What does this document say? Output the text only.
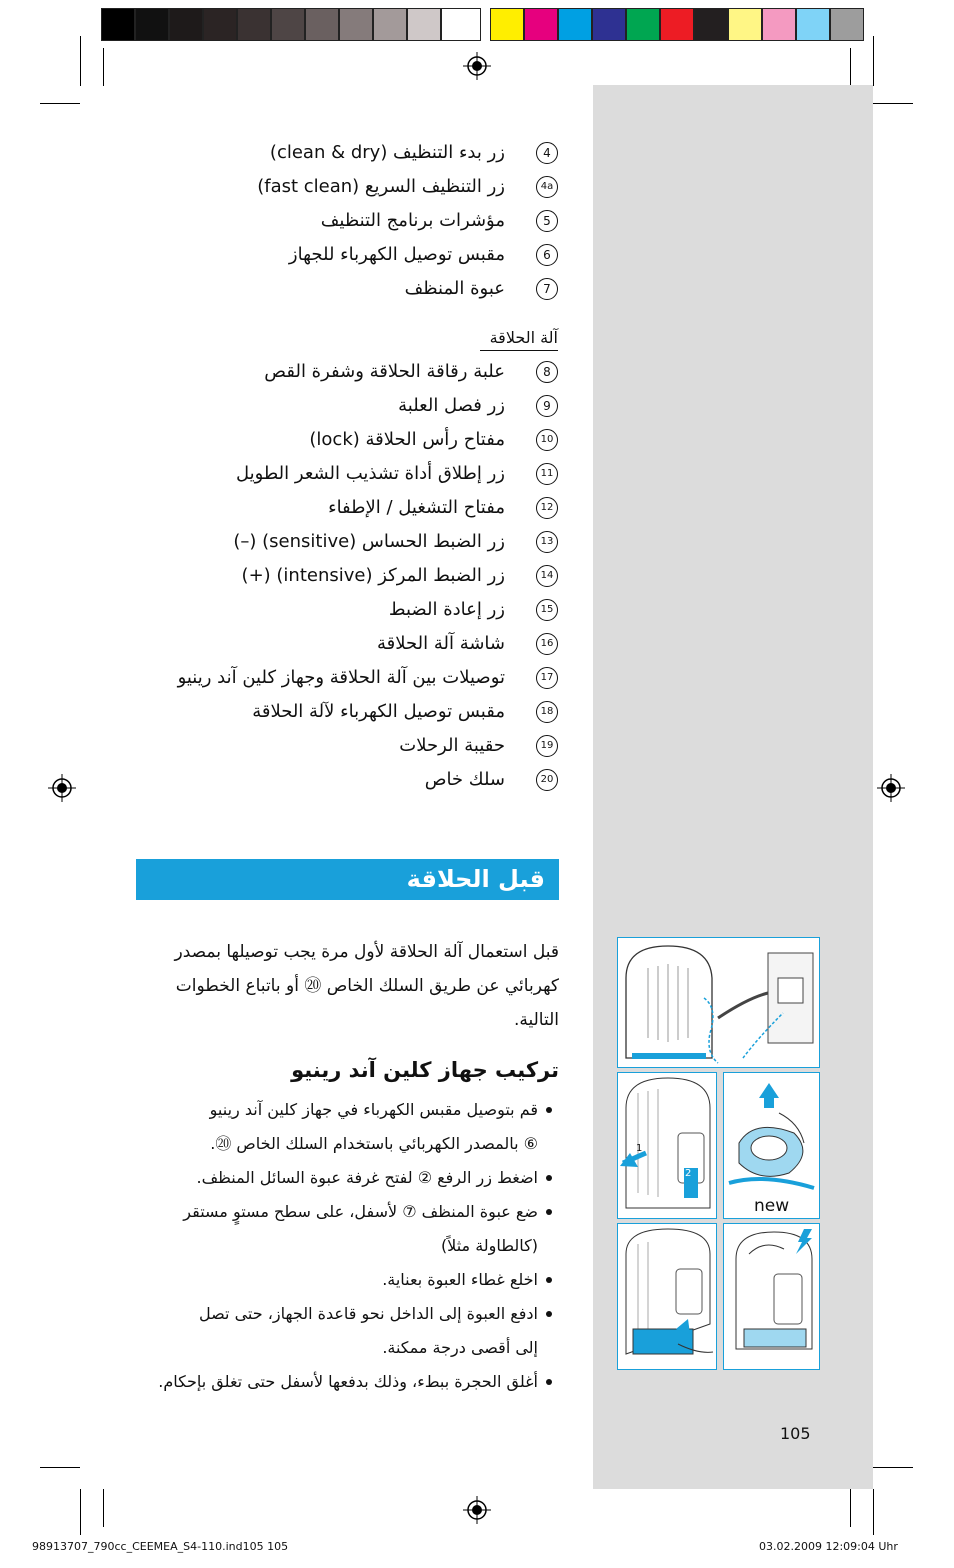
زر بدء التنظيف (clean & dry)	4
زر التنظيف السريع (fast clean)	4a
مؤشرات برنامج التنظيف	5
مقبس توصيل الكهرباء للجهاز	6
عبوة المنظف	7
آلة الحلاقة
علبة رقاقة الحلاقة وشفرة القص	8
زر فصل العلبة	9
مفتاح رأس الحلاقة (lock)	10
زر إطلاق أداة تشذيب الشعر الطويل	11
مفتاح التشغيل / الإطفاء	12
زر الضبط الحساس (sensitive) (–)	13
زر الضبط المركز (intensive) (+)	14
زر إعادة الضبط	15
شاشة آلة الحلاقة	16
توصيلات بين آلة الحلاقة وجهاز كلين آند رينيو	17
مقبس توصيل الكهرباء لآلة الحلاقة	18
حقيبة الرحلات	19
سلك خاص	20
قبل الحلاقة
قبل استعمال آلة الحلاقة لأول مرة يجب توصيلها بمصدر
كهربائي عن طريق السلك الخاص ⑳ أو باتباع الخطوات
التالية.
تركيب جهاز كلين آند رينيو
قم بتوصيل مقبس الكهرباء في جهاز كلين آند رينيو
⑥ بالمصدر الكهربائي باستخدام السلك الخاص ⑳.
اضغط زر الرفع ② لفتح غرفة عبوة السائل المنظف.
ضع عبوة المنظف ⑦ لأسفل، على سطح مستوٍ مستقر
(كالطاولة مثلاً)
اخلع غطاء العبوة بعناية.
ادفع العبوة إلى الداخل نحو قاعدة الجهاز، حتى تصل
إلى أقصى درجة ممكنة.
أغلق الحجرة ببطء، وذلك بدفعها لأسفل حتى تغلق بإحكام.
1
2
new
105
98913707_790cc_CEEMEA_S4-110.ind105 105	03.02.2009 12:09:04 Uhr
